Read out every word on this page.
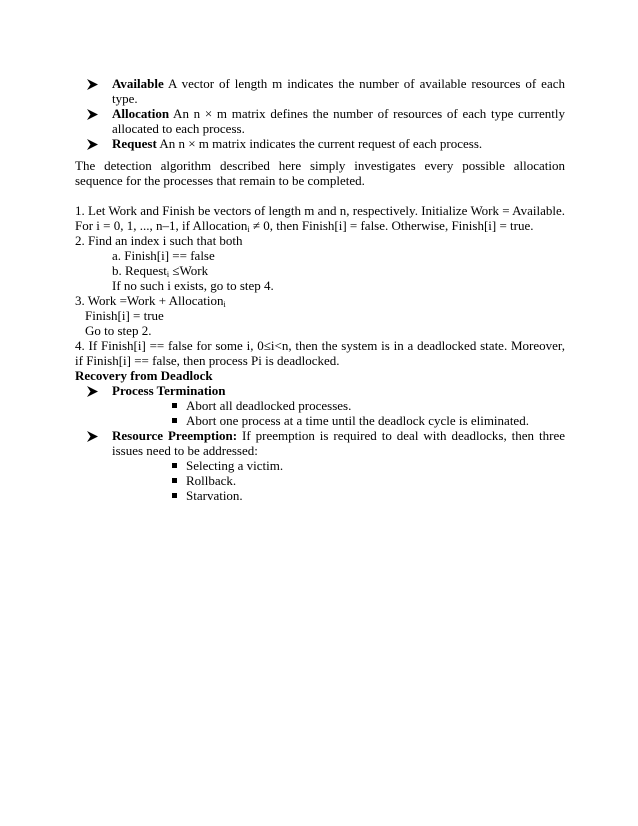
Available A vector of length m indicates the number of available resources of each type.
Allocation An n × m matrix defines the number of resources of each type currently allocated to each process.
Request An n × m matrix indicates the current request of each process.

The detection algorithm described here simply investigates every possible allocation sequence for the processes that remain to be completed.

1. Let Work and Finish be vectors of length m and n, respectively. Initialize Work = Available. For i = 0, 1, ..., n–1, if Allocation$_i$ ≠ 0, then Finish[i] = false. Otherwise, Finish[i] = true.

2. Find an index i such that both

a. Finish[i] == false

b. Request$_i$ ≤Work

If no such i exists, go to step 4.

3. Work =Work + Allocation$_i$

Finish[i] = true

Go to step 2.

4. If Finish[i] == false for some i, 0≤i<n, then the system is in a deadlocked state. Moreover, if Finish[i] == false, then process Pi is deadlocked.

Recovery from Deadlock

Process Termination
Abort all deadlocked processes.
Abort one process at a time until the deadlock cycle is eliminated.
Resource Preemption: If preemption is required to deal with deadlocks, then three issues need to be addressed:
Selecting a victim.
Rollback.
Starvation.
